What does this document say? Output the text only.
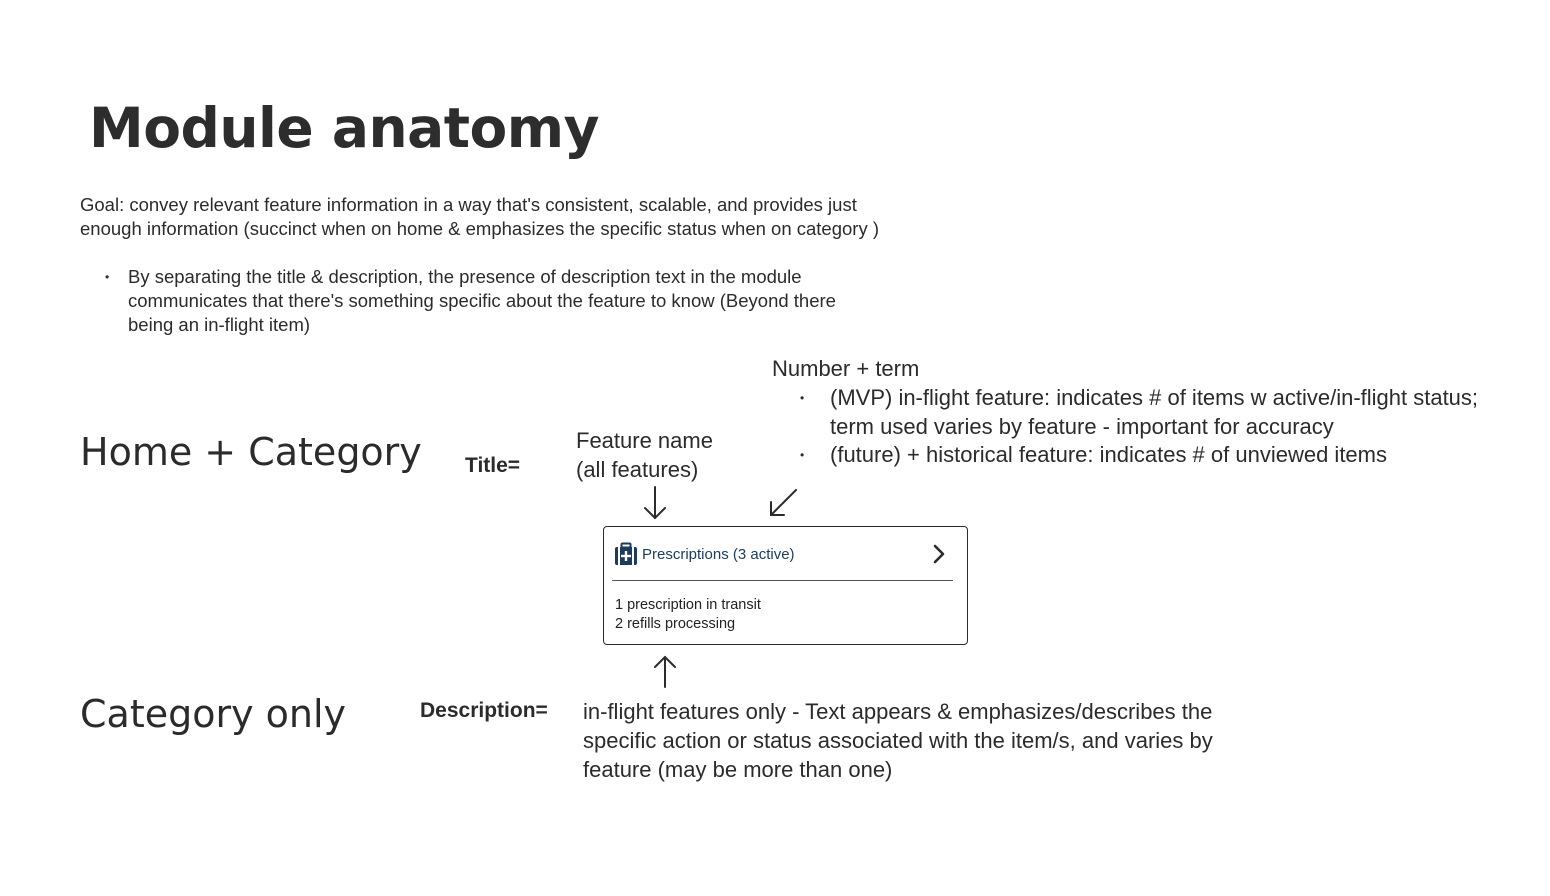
Module anatomy
Goal: convey relevant feature information in a way that's consistent, scalable, and provides just enough information (succinct when on home & emphasizes the specific status when on category )
•	By separating the title & description, the presence of description text in the module communicates that there's something specific about the feature to know (Beyond there being an in-flight item)
Home + Category
Category only
Title=
Description=
Feature name
(all features)
Number + term
•	(MVP) in-flight feature: indicates # of items w active/in-flight status; term used varies by feature - important for accuracy
•	(future) + historical feature: indicates # of unviewed items
in-flight features only - Text appears & emphasizes/describes the specific action or status associated with the item/s, and varies by feature (may be more than one)
Prescriptions (3 active)
1 prescription in transit
2 refills processing
